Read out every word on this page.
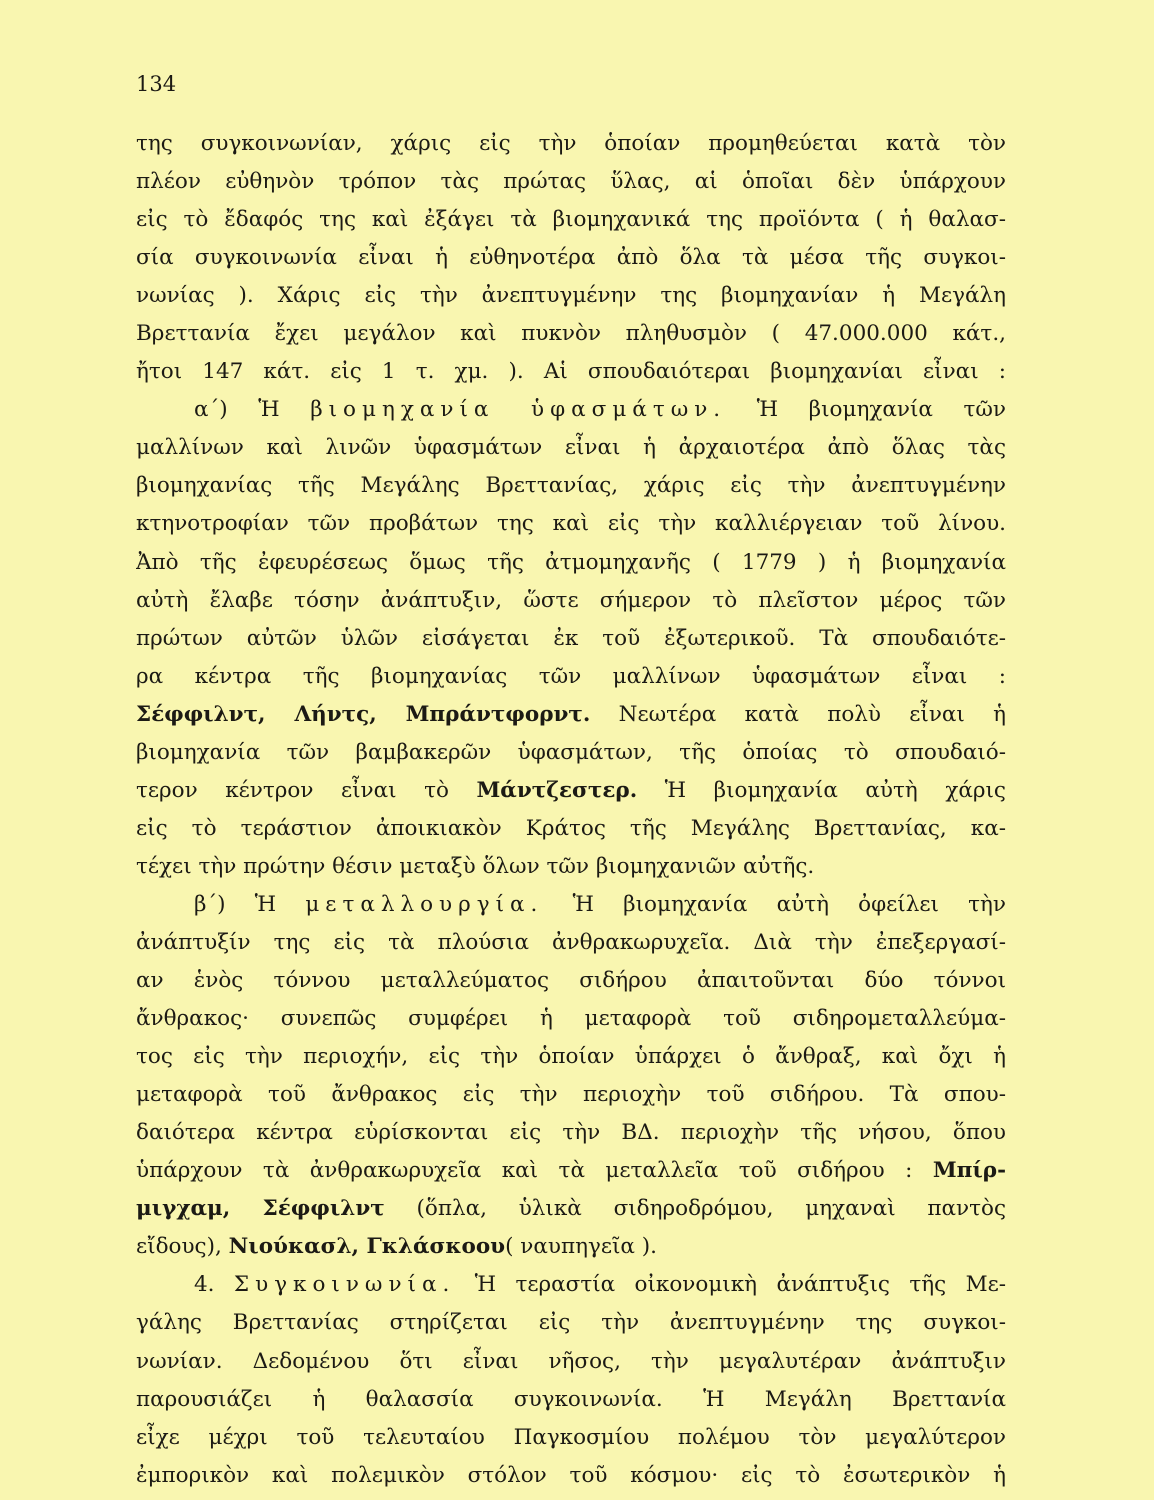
134
της συγκοινωνίαν, χάρις εἰς τὴν ὁποίαν προμηθεύεται κατὰ τὸν
πλέον εὐθηνὸν τρόπον τὰς πρώτας ὕλας, αἱ ὁποῖαι δὲν ὑπάρχουν
εἰς τὸ ἔδαφός της καὶ ἐξάγει τὰ βιομηχανικά της προϊόντα ( ἡ θαλασ-
σία συγκοινωνία εἶναι ἡ εὐθηνοτέρα ἀπὸ ὅλα τὰ μέσα τῆς συγκοι-
νωνίας ). Χάρις εἰς τὴν ἀνεπτυγμένην της βιομηχανίαν ἡ Μεγάλη
Βρεττανία ἔχει μεγάλον καὶ πυκνὸν πληθυσμὸν ( 47.000.000 κάτ.,
ἤτοι 147 κάτ. εἰς 1 τ. χμ. ). Αἱ σπουδαιότεραι βιομηχανίαι εἶναι :
α΄) Ἡ βιομηχανία ὑφασμάτων. Ἡ βιομηχανία τῶν
μαλλίνων καὶ λινῶν ὑφασμάτων εἶναι ἡ ἀρχαιοτέρα ἀπὸ ὅλας τὰς
βιομηχανίας τῆς Μεγάλης Βρεττανίας, χάρις εἰς τὴν ἀνεπτυγμένην
κτηνοτροφίαν τῶν προβάτων της καὶ εἰς τὴν καλλιέργειαν τοῦ λίνου.
Ἀπὸ τῆς ἐφευρέσεως ὅμως τῆς ἀτμομηχανῆς ( 1779 ) ἡ βιομηχανία
αὐτὴ ἔλαβε τόσην ἀνάπτυξιν, ὥστε σήμερον τὸ πλεῖστον μέρος τῶν
πρώτων αὐτῶν ὑλῶν εἰσάγεται ἐκ τοῦ ἐξωτερικοῦ. Τὰ σπουδαιότε-
ρα κέντρα τῆς βιομηχανίας τῶν μαλλίνων ὑφασμάτων εἶναι :
Σέφφιλντ, Λήντς, Μπράντφορντ. Νεωτέρα κατὰ πολὺ εἶναι ἡ
βιομηχανία τῶν βαμβακερῶν ὑφασμάτων, τῆς ὁποίας τὸ σπουδαιό-
τερον κέντρον εἶναι τὸ Μάντζεστερ. Ἡ βιομηχανία αὐτὴ χάρις
εἰς τὸ τεράστιον ἀποικιακὸν Κράτος τῆς Μεγάλης Βρεττανίας, κα-
τέχει τὴν πρώτην θέσιν μεταξὺ ὅλων τῶν βιομηχανιῶν αὐτῆς.
β΄) Ἡ μεταλλουργία. Ἡ βιομηχανία αὐτὴ ὀφείλει τὴν
ἀνάπτυξίν της εἰς τὰ πλούσια ἀνθρακωρυχεῖα. Διὰ τὴν ἐπεξεργασί-
αν ἑνὸς τόννου μεταλλεύματος σιδήρου ἀπαιτοῦνται δύο τόννοι
ἄνθρακος· συνεπῶς συμφέρει ἡ μεταφορὰ τοῦ σιδηρομεταλλεύμα-
τος εἰς τὴν περιοχήν, εἰς τὴν ὁποίαν ὑπάρχει ὁ ἄνθραξ, καὶ ὄχι ἡ
μεταφορὰ τοῦ ἄνθρακος εἰς τὴν περιοχὴν τοῦ σιδήρου. Τὰ σπου-
δαιότερα κέντρα εὑρίσκονται εἰς τὴν ΒΔ. περιοχὴν τῆς νήσου, ὅπου
ὑπάρχουν τὰ ἀνθρακωρυχεῖα καὶ τὰ μεταλλεῖα τοῦ σιδήρου : Μπίρ-
μιγχαμ, Σέφφιλντ (ὅπλα, ὑλικὰ σιδηροδρόμου, μηχαναὶ παντὸς
εἴδους), Νιούκασλ, Γκλάσκοου( ναυπηγεῖα ).
4. Συγκοινωνία. Ἡ τεραστία οἰκονομικὴ ἀνάπτυξις τῆς Με-
γάλης Βρεττανίας στηρίζεται εἰς τὴν ἀνεπτυγμένην της συγκοι-
νωνίαν. Δεδομένου ὅτι εἶναι νῆσος, τὴν μεγαλυτέραν ἀνάπτυξιν
παρουσιάζει ἡ θαλασσία συγκοινωνία. Ἡ Μεγάλη Βρεττανία
εἶχε μέχρι τοῦ τελευταίου Παγκοσμίου πολέμου τὸν μεγαλύτερον
ἐμπορικὸν καὶ πολεμικὸν στόλον τοῦ κόσμου· εἰς τὸ ἐσωτερικὸν ἡ
